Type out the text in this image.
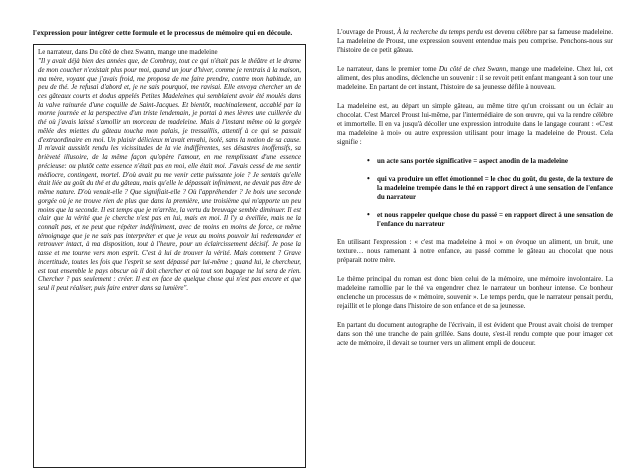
l'expression pour intégrer cette formule et le processus de mémoire qui en découle.

Le narrateur, dans Du côté de chez Swann, mange une madeleine

"Il y avait déjà bien des années que, de Combray, tout ce qui n'était pas le théâtre et le drame de mon coucher n'existait plus pour moi, quand un jour d'hiver, comme je rentrais à la maison, ma mère, voyant que j'avais froid, me proposa de me faire prendre, contre mon habitude, un peu de thé. Je refusai d'abord et, je ne sais pourquoi, me ravisai. Elle envoya chercher un de ces gâteaux courts et dodus appelés Petites Madeleines qui semblaient avoir été moulés dans la valve rainurée d'une coquille de Saint-Jacques. Et bientôt, machinalement, accablé par la morne journée et la perspective d'un triste lendemain, je portai à mes lèvres une cuillerée du thé où j'avais laissé s'amollir un morceau de madeleine. Mais à l'instant même où la gorgée mêlée des miettes du gâteau toucha mon palais, je tressaillis, attentif à ce qui se passait d'extraordinaire en moi. Un plaisir délicieux m'avait envahi, isolé, sans la notion de sa cause. Il m'avait aussitôt rendu les vicissitudes de la vie indifférentes, ses désastres inoffensifs, sa brièveté illusoire, de la même façon qu'opère l'amour, en me remplissant d'une essence précieuse: ou plutôt cette essence n'était pas en moi, elle était moi. J'avais cessé de me sentir médiocre, contingent, mortel. D'où avait pu me venir cette puissante joie ? Je sentais qu'elle était liée au goût du thé et du gâteau, mais qu'elle le dépassait infiniment, ne devait pas être de même nature. D'où venait-elle ? Que signifiait-elle ? Où l'appréhender ? Je bois une seconde gorgée où je ne trouve rien de plus que dans la première, une troisième qui m'apporte un peu moins que la seconde. Il est temps que je m'arrête, la vertu du breuvage semble diminuer. Il est clair que la vérité que je cherche n'est pas en lui, mais en moi. Il l'y a éveillée, mais ne la connaît pas, et ne peut que répéter indéfiniment, avec de moins en moins de force, ce même témoignage que je ne sais pas interpréter et que je veux au moins pouvoir lui redemander et retrouver intact, à ma disposition, tout à l'heure, pour un éclaircissement décisif. Je pose la tasse et me tourne vers mon esprit. C'est à lui de trouver la vérité. Mais comment ? Grave incertitude, toutes les fois que l'esprit se sent dépassé par lui-même ; quand lui, le chercheur, est tout ensemble le pays obscur où il doit chercher et où tout son bagage ne lui sera de rien. Chercher ? pas seulement : créer. Il est en face de quelque chose qui n'est pas encore et que seul il peut réaliser, puis faire entrer dans sa lumière".

L'ouvrage de Proust, À la recherche du temps perdu est devenu célèbre par sa fameuse madeleine. La madeleine de Proust, une expression souvent entendue mais peu comprise. Penchons-nous sur l'histoire de ce petit gâteau.

Le narrateur, dans le premier tome Du côté de chez Swann, mange une madeleine. Chez lui, cet aliment, des plus anodins, déclenche un souvenir : il se revoit petit enfant mangeant à son tour une madeleine. En partant de cet instant, l'histoire de sa jeunesse défile à nouveau.

La madeleine est, au départ un simple gâteau, au même titre qu'un croissant ou un éclair au chocolat. C'est Marcel Proust lui-même, par l'intermédiaire de son œuvre, qui va la rendre célèbre et immortelle. Il en va jusqu'à décoller une expression introduite dans le langage courant : «C'est ma madeleine à moi» ou autre expression utilisant pour image la madeleine de Proust. Cela signifie :

• un acte sans portée significative = aspect anodin de la madeleine
• qui va produire un effet émotionnel = le choc du goût, du geste, de la texture de la madeleine trempée dans le thé en rapport direct à une sensation de l'enfance du narrateur
• et nous rappeler quelque chose du passé = en rapport direct à une sensation de l'enfance du narrateur

En utilisant l'expression : « c'est ma madeleine à moi » on évoque un aliment, un bruit, une texture… nous ramenant à notre enfance, au passé comme le gâteau au chocolat que nous préparait notre mère.

Le thème principal du roman est donc bien celui de la mémoire, une mémoire involontaire. La madeleine ramollie par le thé va engendrer chez le narrateur un bonheur intense. Ce bonheur enclenche un processus de « mémoire, souvenir ». Le temps perdu, que le narrateur pensait perdu, rejaillit et le plonge dans l'histoire de son enfance et de sa jeunesse.

En partant du document autographe de l'écrivain, il est évident que Proust avait choisi de tremper dans son thé une tranche de pain grillée. Sans doute, s'est-il rendu compte que pour imager cet acte de mémoire, il devait se tourner vers un aliment empli de douceur.
